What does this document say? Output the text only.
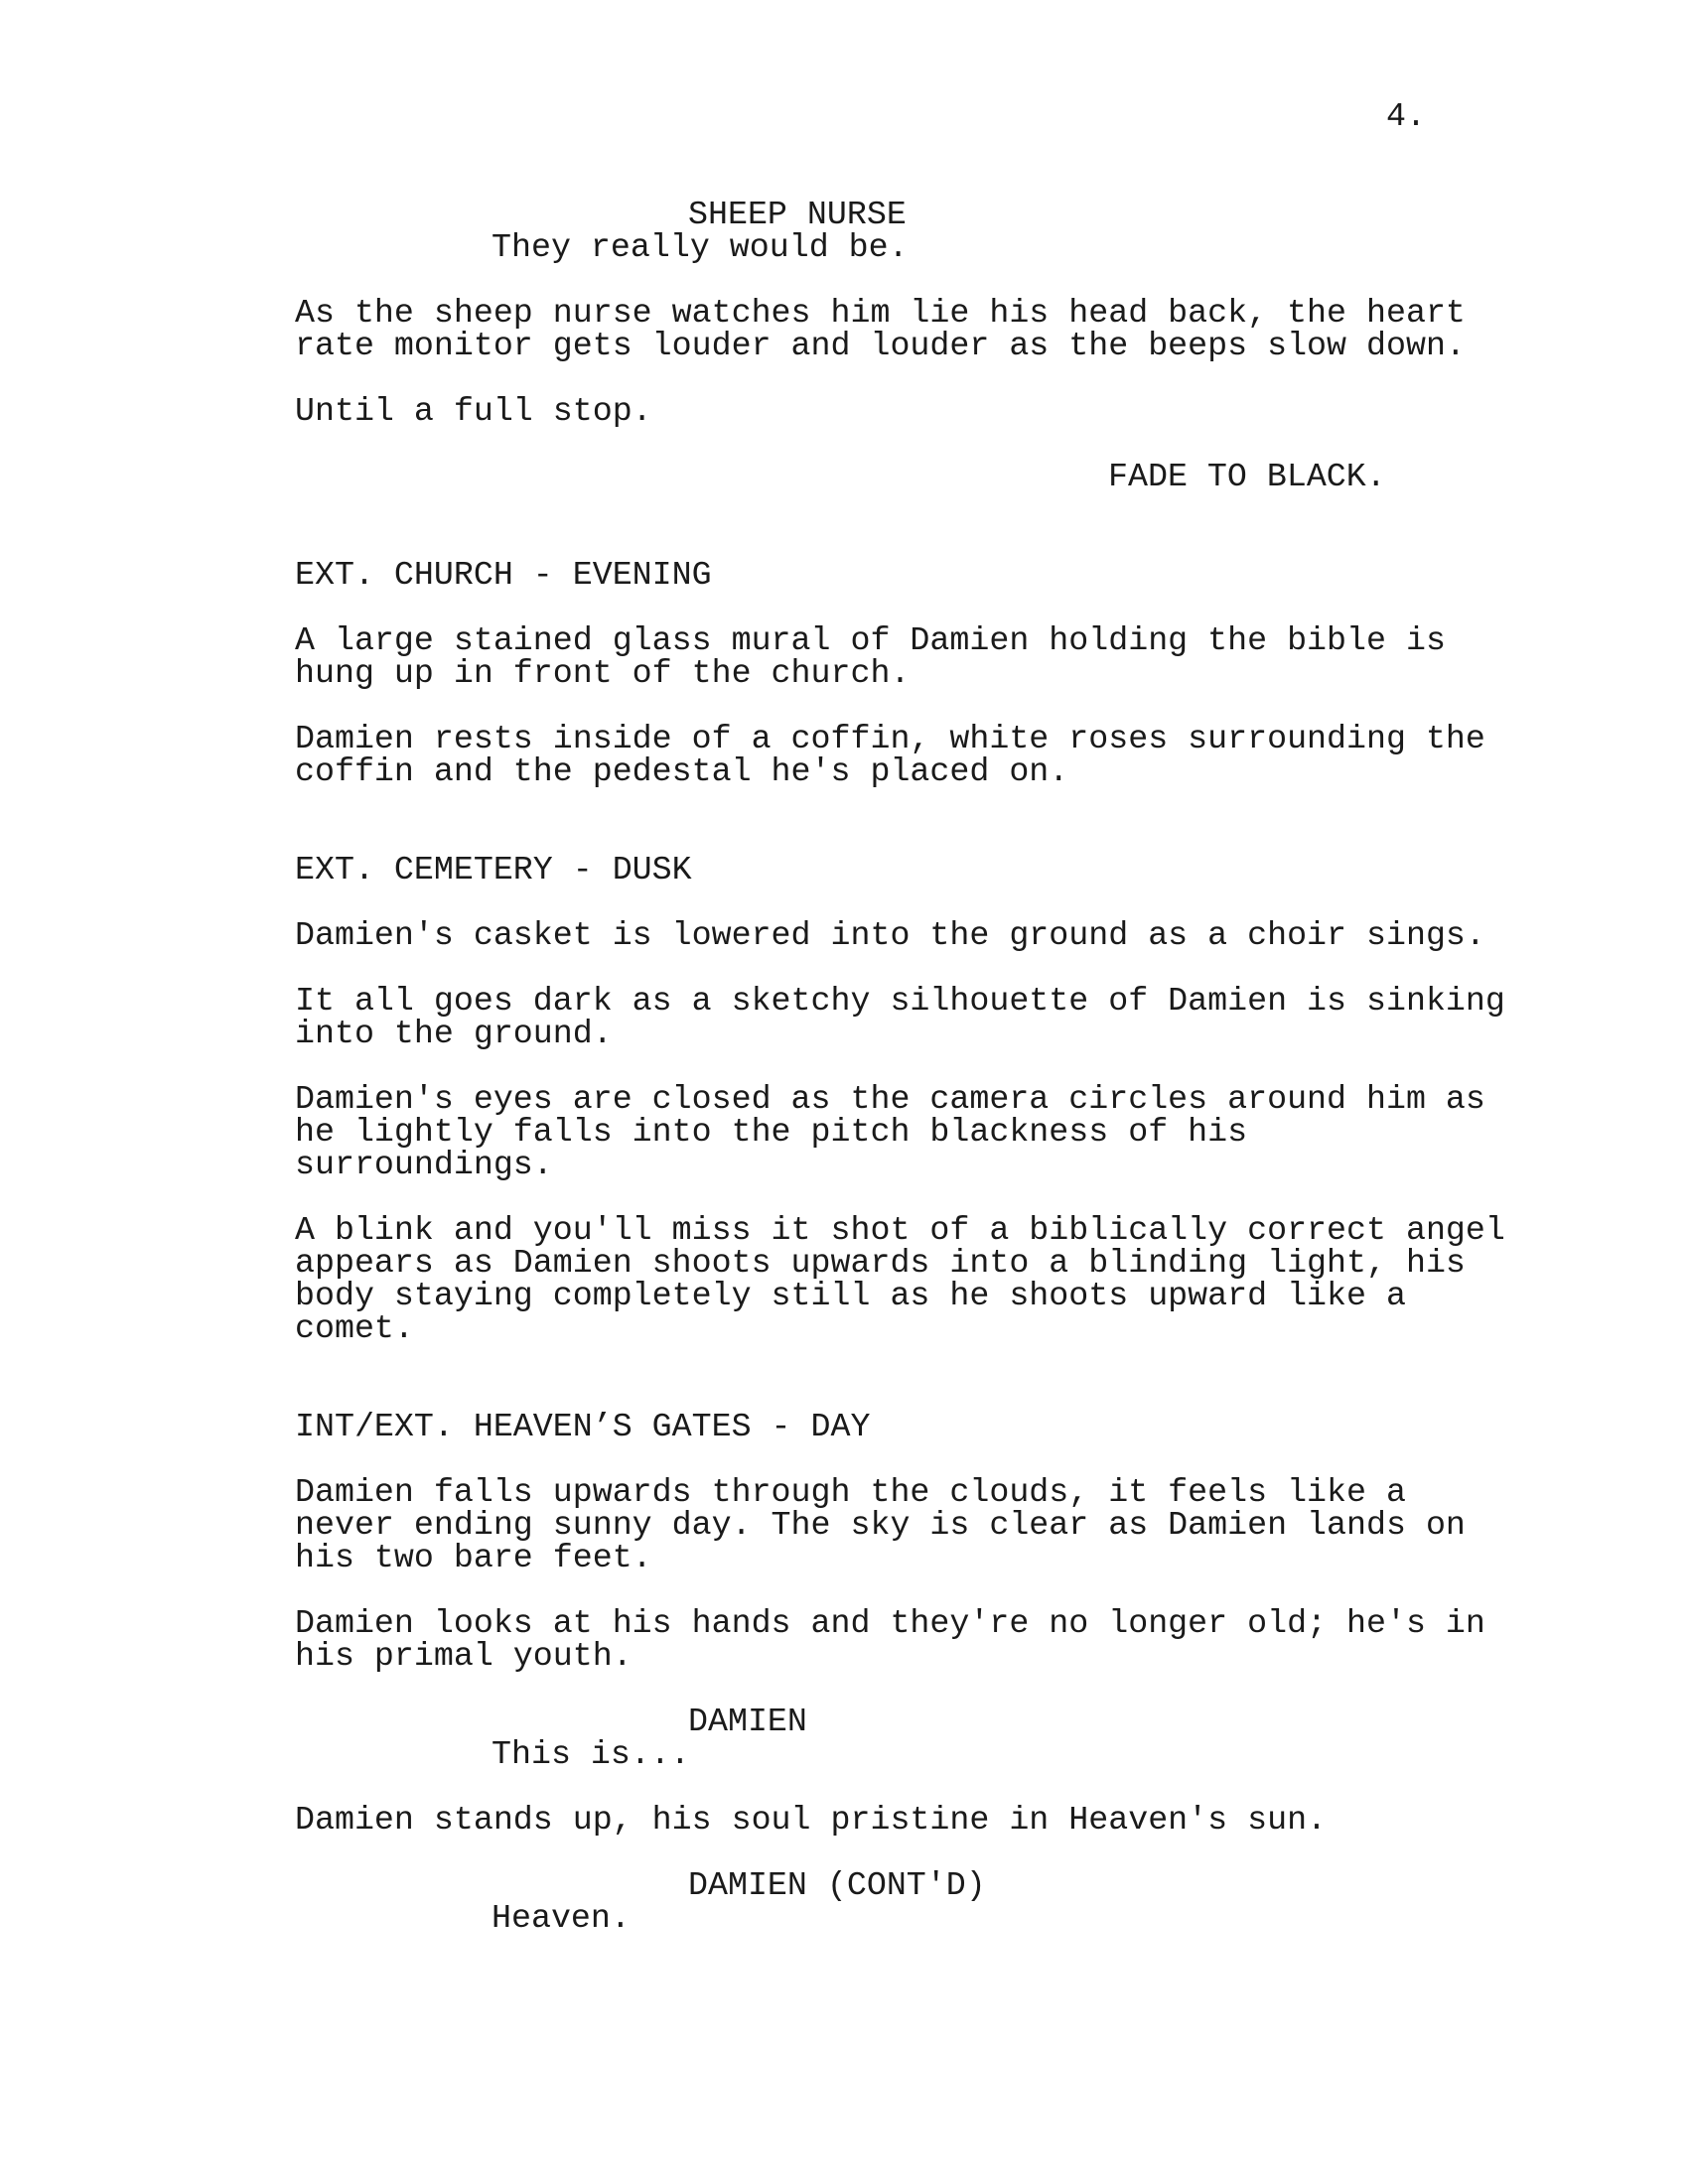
4.
SHEEP NURSE
They really would be.
As the sheep nurse watches him lie his head back, the heart
rate monitor gets louder and louder as the beeps slow down.
Until a full stop.
FADE TO BLACK.
EXT. CHURCH - EVENING
A large stained glass mural of Damien holding the bible is
hung up in front of the church.
Damien rests inside of a coffin, white roses surrounding the
coffin and the pedestal he's placed on.
EXT. CEMETERY - DUSK
Damien's casket is lowered into the ground as a choir sings.
It all goes dark as a sketchy silhouette of Damien is sinking
into the ground.
Damien's eyes are closed as the camera circles around him as
he lightly falls into the pitch blackness of his
surroundings.
A blink and you'll miss it shot of a biblically correct angel
appears as Damien shoots upwards into a blinding light, his
body staying completely still as he shoots upward like a
comet.
INT/EXT. HEAVEN’S GATES - DAY
Damien falls upwards through the clouds, it feels like a
never ending sunny day. The sky is clear as Damien lands on
his two bare feet.
Damien looks at his hands and they're no longer old; he's in
his primal youth.
DAMIEN
This is...
Damien stands up, his soul pristine in Heaven's sun.
DAMIEN (CONT'D)
Heaven.
